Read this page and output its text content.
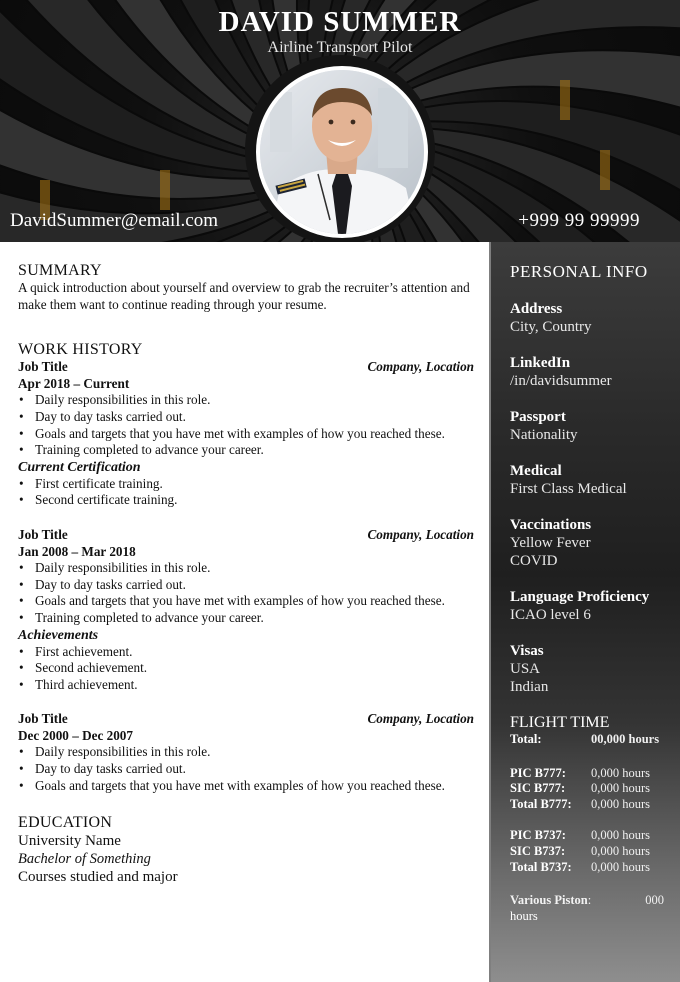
DAVID SUMMER
Airline Transport Pilot
DavidSummer@email.com	+999 99 99999
SUMMARY
A quick introduction about yourself and overview to grab the recruiter’s attention and make them want to continue reading through your resume.
WORK HISTORY
Job Title	Company, Location
Apr 2018 – Current
• Daily responsibilities in this role.
• Day to day tasks carried out.
• Goals and targets that you have met with examples of how you reached these.
• Training completed to advance your career.
Current Certification
• First certificate training.
• Second certificate training.
Job Title	Company, Location
Jan 2008 – Mar 2018
• Daily responsibilities in this role.
• Day to day tasks carried out.
• Goals and targets that you have met with examples of how you reached these.
• Training completed to advance your career.
Achievements
• First achievement.
• Second achievement.
• Third achievement.
Job Title	Company, Location
Dec 2000 – Dec 2007
• Daily responsibilities in this role.
• Day to day tasks carried out.
• Goals and targets that you have met with examples of how you reached these.
EDUCATION
University Name
Bachelor of Something
Courses studied and major
PERSONAL INFO
Address
City, Country
LinkedIn
/in/davidsummer
Passport
Nationality
Medical
First Class Medical
Vaccinations
Yellow Fever
COVID
Language Proficiency
ICAO level 6
Visas
USA
Indian
FLIGHT TIME
Total:	00,000 hours
PIC B777:	0,000 hours
SIC B777:	0,000 hours
Total B777:	0,000 hours
PIC B737:	0,000 hours
SIC B737:	0,000 hours
Total B737:	0,000 hours
Various Piston:	000
hours
